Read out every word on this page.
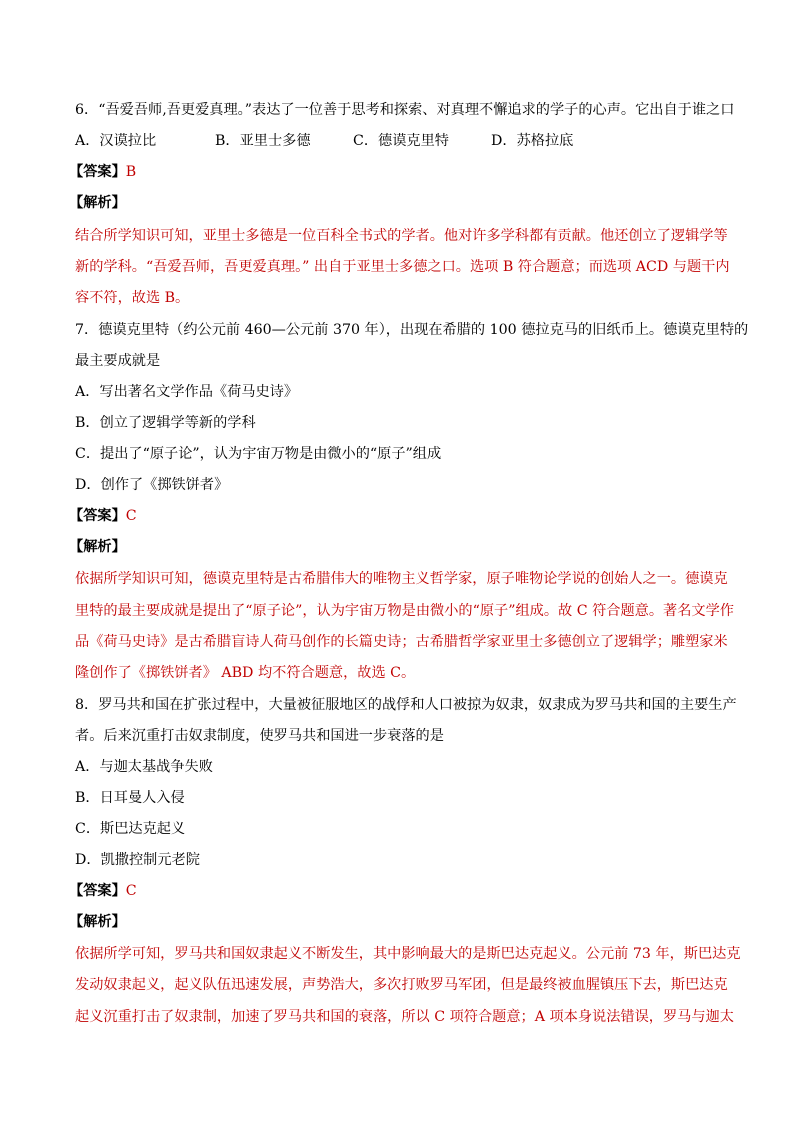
6．“吾爱吾师,吾更爱真理。”表达了一位善于思考和探索、对真理不懈追求的学子的心声。它出自于谁之口
A．汉谟拉比	B．亚里士多德	C．德谟克里特	D．苏格拉底
【答案】B
【解析】
结合所学知识可知，亚里士多德是一位百科全书式的学者。他对许多学科都有贡献。他还创立了逻辑学等
新的学科。“吾爱吾师，吾更爱真理。” 出自于亚里士多德之口。选项 B 符合题意；而选项 ACD 与题干内
容不符，故选 B。
7．德谟克里特（约公元前 460—公元前 370 年），出现在希腊的 100 德拉克马的旧纸币上。德谟克里特的
最主要成就是
A．写出著名文学作品《荷马史诗》
B．创立了逻辑学等新的学科
C．提出了“原子论”，认为宇宙万物是由微小的“原子”组成
D．创作了《掷铁饼者》
【答案】C
【解析】
依据所学知识可知，德谟克里特是古希腊伟大的唯物主义哲学家，原子唯物论学说的创始人之一。德谟克
里特的最主要成就是提出了“原子论”，认为宇宙万物是由微小的“原子”组成。故 C 符合题意。著名文学作
品《荷马史诗》是古希腊盲诗人荷马创作的长篇史诗；古希腊哲学家亚里士多德创立了逻辑学；雕塑家米
隆创作了《掷铁饼者》 ABD 均不符合题意，故选 C。
8．罗马共和国在扩张过程中，大量被征服地区的战俘和人口被掠为奴隶，奴隶成为罗马共和国的主要生产
者。后来沉重打击奴隶制度，使罗马共和国进一步衰落的是
A．与迦太基战争失败
B．日耳曼人入侵
C．斯巴达克起义
D．凯撒控制元老院
【答案】C
【解析】
依据所学可知，罗马共和国奴隶起义不断发生，其中影响最大的是斯巴达克起义。公元前 73 年，斯巴达克
发动奴隶起义，起义队伍迅速发展，声势浩大，多次打败罗马军团，但是最终被血腥镇压下去，斯巴达克
起义沉重打击了奴隶制，加速了罗马共和国的衰落，所以 C 项符合题意；A 项本身说法错误，罗马与迦太
